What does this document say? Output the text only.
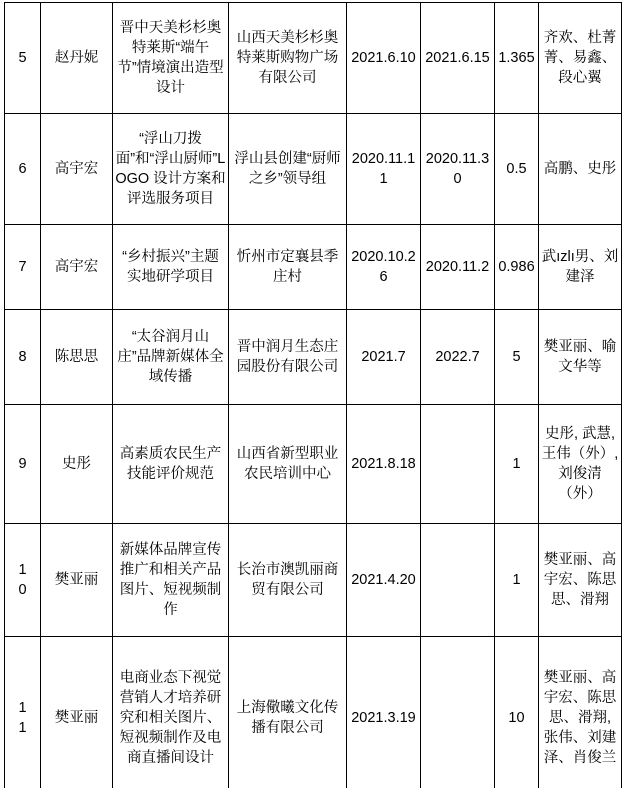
5	赵丹妮	晋中天美杉杉奥特莱斯“端午节”情境演出造型设计	山西天美杉杉奥特莱斯购物广场有限公司	2021.6.10	2021.6.15	1.365	齐欢、杜菁菁、易鑫、段心翼
6	高宇宏	“浮山刀拨面”和“浮山厨师”LOGO 设计方案和评选服务项目	浮山县创建“厨师之乡”领导组	2020.11.11	2020.11.30	0.5	高鹏、史彤
7	高宇宏	“乡村振兴”主题实地研学项目	忻州市定襄县季庄村	2020.10.26	2020.11.2	0.986	武ızlı男、刘建泽
8	陈思思	“太谷润月山庄”品牌新媒体全域传播	晋中润月生态庄园股份有限公司	2021.7	2022.7	5	樊亚丽、喻文华等
9	史彤	高素质农民生产技能评价规范	山西省新型职业农民培训中心	2021.8.18		1	史彤, 武慧, 王伟（外）, 刘俊清（外）
10	樊亚丽	新媒体品牌宣传推广和相关产品图片、短视频制作	长治市澳凯丽商贸有限公司	2021.4.20		1	樊亚丽、高宇宏、陈思思、滑翔
11	樊亚丽	电商业态下视觉营销人才培养研究和相关图片、短视频制作及电商直播间设计	上海儆曦文化传播有限公司	2021.3.19		10	樊亚丽、高宇宏、陈思思、滑翔, 张伟、刘建泽、肖俊兰
